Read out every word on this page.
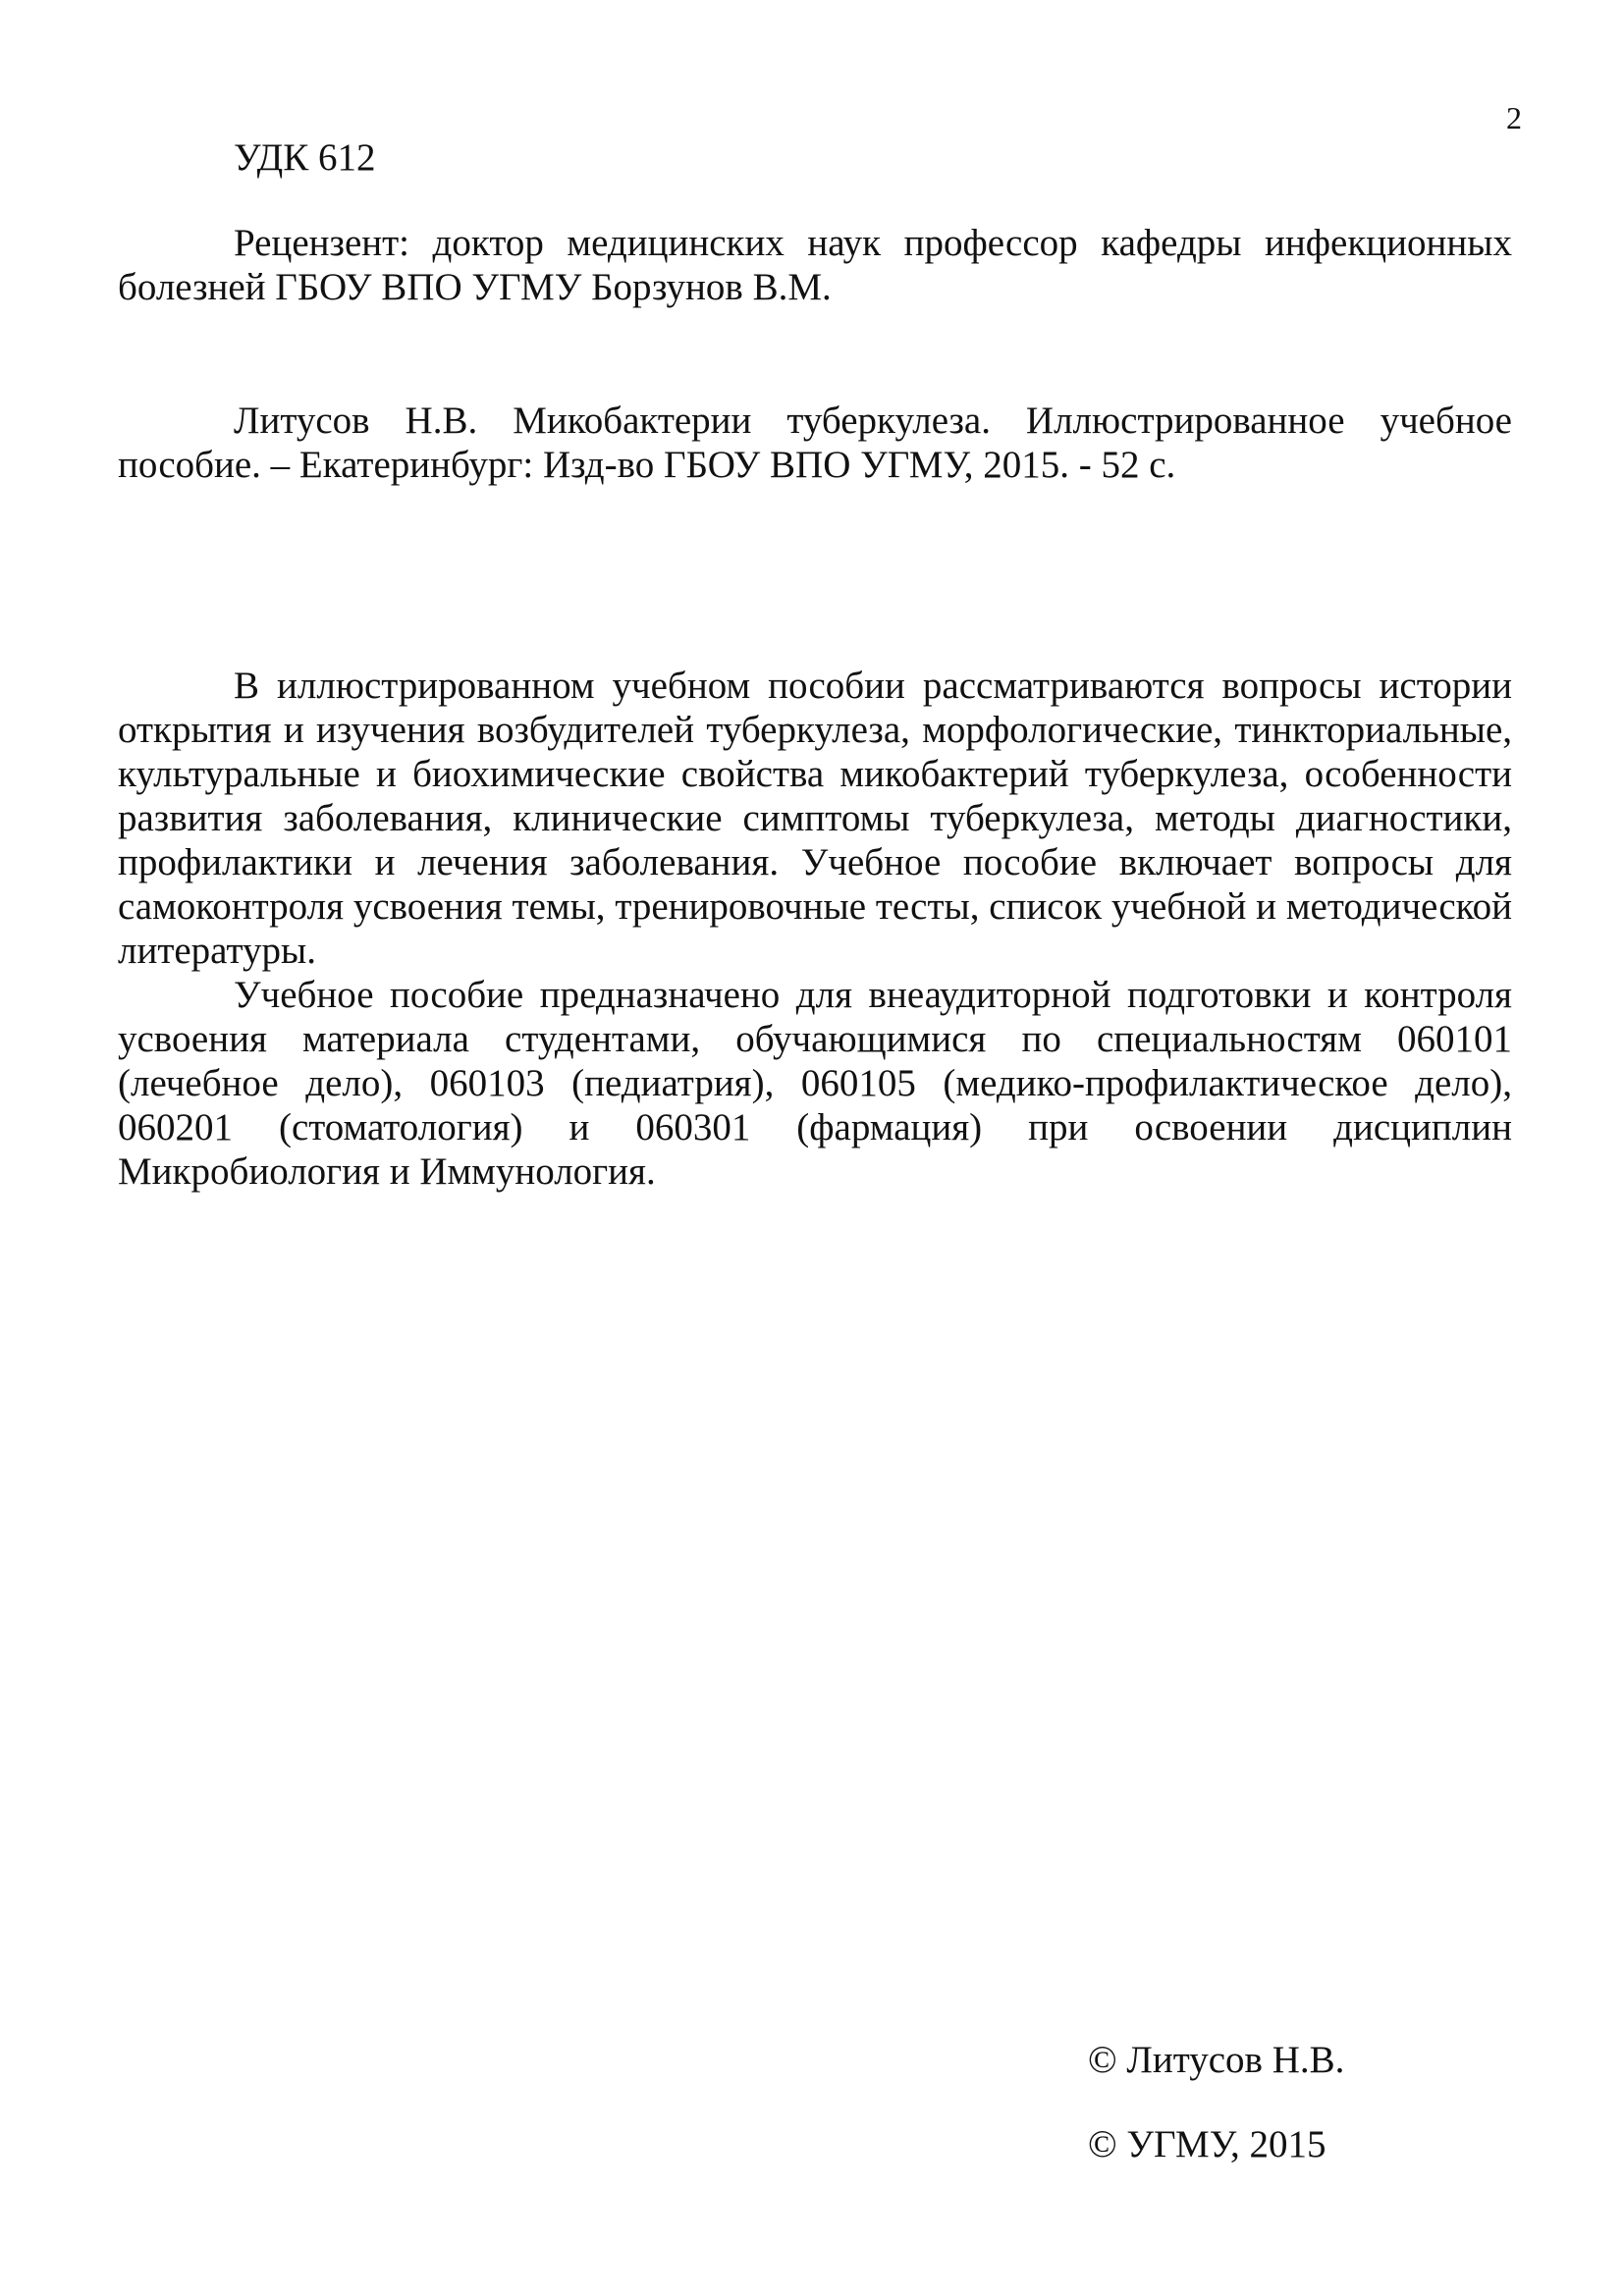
2

УДК 612

Рецензент: доктор медицинских наук профессор кафедры инфекционных болезней ГБОУ ВПО УГМУ Борзунов В.М.

Литусов Н.В. Микобактерии туберкулеза. Иллюстрированное учебное пособие. – Екатеринбург: Изд-во ГБОУ ВПО УГМУ, 2015. - 52 с.

В иллюстрированном учебном пособии рассматриваются вопросы истории открытия и изучения возбудителей туберкулеза, морфологические, тинкториальные, культуральные и биохимические свойства микобактерий туберкулеза, особенности развития заболевания, клинические симптомы туберкулеза, методы диагностики, профилактики и лечения заболевания. Учебное пособие включает вопросы для самоконтроля усвоения темы, тренировочные тесты, список учебной и методической литературы.

Учебное пособие предназначено для внеаудиторной подготовки и контроля усвоения материала студентами, обучающимися по специальностям 060101 (лечебное дело), 060103 (педиатрия), 060105 (медико-профилактическое дело), 060201 (стоматология) и 060301 (фармация) при освоении дисциплин Микробиология и Иммунология.

© Литусов Н.В.
© УГМУ, 2015
